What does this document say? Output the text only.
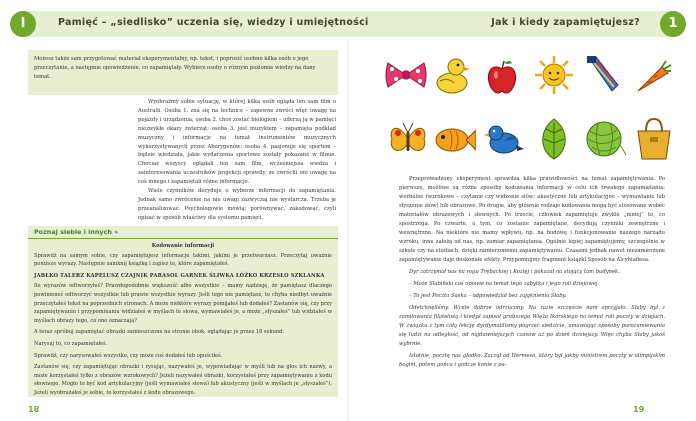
I	Pamięć – „siedlisko” uczenia się, wiedzy i umiejętności	Jak i kiedy zapamiętujesz?	1
Możesz także sam przygotować materiał eksperymentalny, np. tekst, i poprosić osobno kilka osób o jego przeczytanie, a następnie opowiedzenie, co zapamiętały. Wybierz osoby o różnym poziomie wiedzy na dany temat.

Wyobraźmy sobie sytuację, w której kilka osób ogląda ten sam film o Australii. Osoba 1. zna się na technice – zapewne zwróci więc uwagę na pojazdy i urządzenia; osoba 2. chce zostać biologiem – uderzą ją w pamięci niezwykłe okazy zwierząt; osoba 3. jest muzykiem – zapamięta podkład muzyczny i informacje na temat instrumentów muzycznych wykorzystywanych przez Aborygenów; osoba 4. pasjonuje się sportem – będzie wiedziała, jakie wydarzenia sportowe zostały pokazane w filmie. Chociaż wszyscy oglądali ten sam film, wcześniejsza wiedza i zainteresowania uczestników projekcji sprawiły, że zwrócili oni uwagę na coś innego i zapamiętali różne informacje.

Wiele czynników decyduje o wyborze informacji do zapamiętania. Jednak samo zwrócenie na nie uwagi zazwyczaj nie wystarcza. Trzeba je przeanalizować. Psychologowie mówią: porównywać, zakodować, czyli opisać w sposób właściwy dla systemu pamięci.

Poznaj siebie i innych »
Kodowanie informacji

Sprawdź na samym sobie, czy zapamiętujesz informacje takimi, jakimi je przetwarzasz. Przeczytaj uważnie poniższe wyrazy. Następnie zamknij książkę i zapisz te, które zapamiętałeś.

JABŁKO TALERZ KAPELUSZ CZAJNIK PARASOL GARNEK ŚLIWKA ŁÓŻKO KRZESŁO SZKLANKA

Ile wyrazów odtworzyłeś? Prawdopodobnie większość albo wszystkie – mamy nadzieję, że pamiętasz dlaczego powinieneś odtworzyć wszystkie lub prawie wszystkie wyrazy. Jeśli tego nie pamiętasz, to chyba niedbyt uważnie przeczytałeś tekst na poprzednich stronach. A może niektóre wyrazy pomijałeś lub dodałeś? Zastanów się, czy przy zapamiętywaniu i przypominaniu widziałeś w myślach te słowa, wymawiałeś je, a może „słyszałeś” lub widziałeś w myślach obrazy tego, co one oznaczają?

A teraz spróbuj zapamiętać obrazki zamieszczone na stronie obok, oglądając je przez 18 sekund.

Narysuj to, co zapamiętałeś.

Sprawdź, czy narysowałeś wszystko, czy może coś dodałeś lub opuściłeś.

Zastanów się, czy zapamiętując obrazki i rysując, nazywałeś je, wypowiadając w myśli lub na głos ich nazwy, a może korzystałeś tylko z obrazów wzrokowych? Jeżeli nazywałeś obrazki, korzystałeś przy zapamiętywaniu z kodu słownego. Mogło to być kod artykulacyjny (jeśli wymawiałeś słowa) lub akustyczny (jeśli w myślach je „słyszałeś”). Jeżeli wyobrażałeś je sobie, to korzystałeś z kodu obrazowego.

18

Przeprowadzony eksperyment sprawdza kilka prawidłowości na temat zapamiętywania. Po pierwsze, możliwe są różne sposoby kodowania informacji w celu ich trwałego zapamiętania: werbalne (wzrokowe – czytanie czy widzenie słów; akustyczne lub artykulacyjne – wymawianie lub słyszenie słów) lub obrazowe. Po drugie, aby głównie rodzaje kodowania mogą być stosowane wobec materiałów obrazowych i słownych. Po trzecie, człowiek zapamiętuje zwykle „mniej” to, co spostrzega. Po czwarte, o tym, co zostanie zapamiętane, decydują czynniki zewnętrzne i wewnętrzne. Na niektóre nie mamy wpływu, np. na budowę i funkcjonowanie naszego narządu wzroku, inne zależą od nas, np. zamiar zapamiętania. Ogólnie lepiej zapamiętujemy, szczególnie w szkole czy na studiach, dzięki zamierzonemu zapamiętywaniu. Czasami jednak nawet niezamierzone zapamiętywanie daje doskonałe efekty. Przypomnijmy fragment książki Sposób na Alcybiadesa.

Dyr zatrzymał nas na rogu Trębackiej i Kozięj i pokazał na stojący tam budynek.

– Może Słabiński coś opowie na temat tego zabytku i jego roli dziejowej.

– To jest Poczta Saska – odpowiedział bez zająknienia Słaby.

Odetchnęliśmy. Wcale dobrze odrzucony. Na razie szczęście nam sprzyjało. Słaby był z zamiłowania filatelistą i kiedyś zapisał grubszego Więża Ikarskiego na temat roli poczty w dziejach. W związku z tym całą lekcję dyrdymalilismy pogrzeć siedzicie, umawiając sposoby porozumiewania się ludzi na odległość, od najdawniejszych czasów aż po dzień dzisiejszy. Więc chyba Słaby jakoś wybrnie.

Istotnie, pocztę nas gładko. Zaczął od Hermesa, który był jakby ministrem poczty w olimpijskim bogini, potem gońca i gończe konie z pa-

19
